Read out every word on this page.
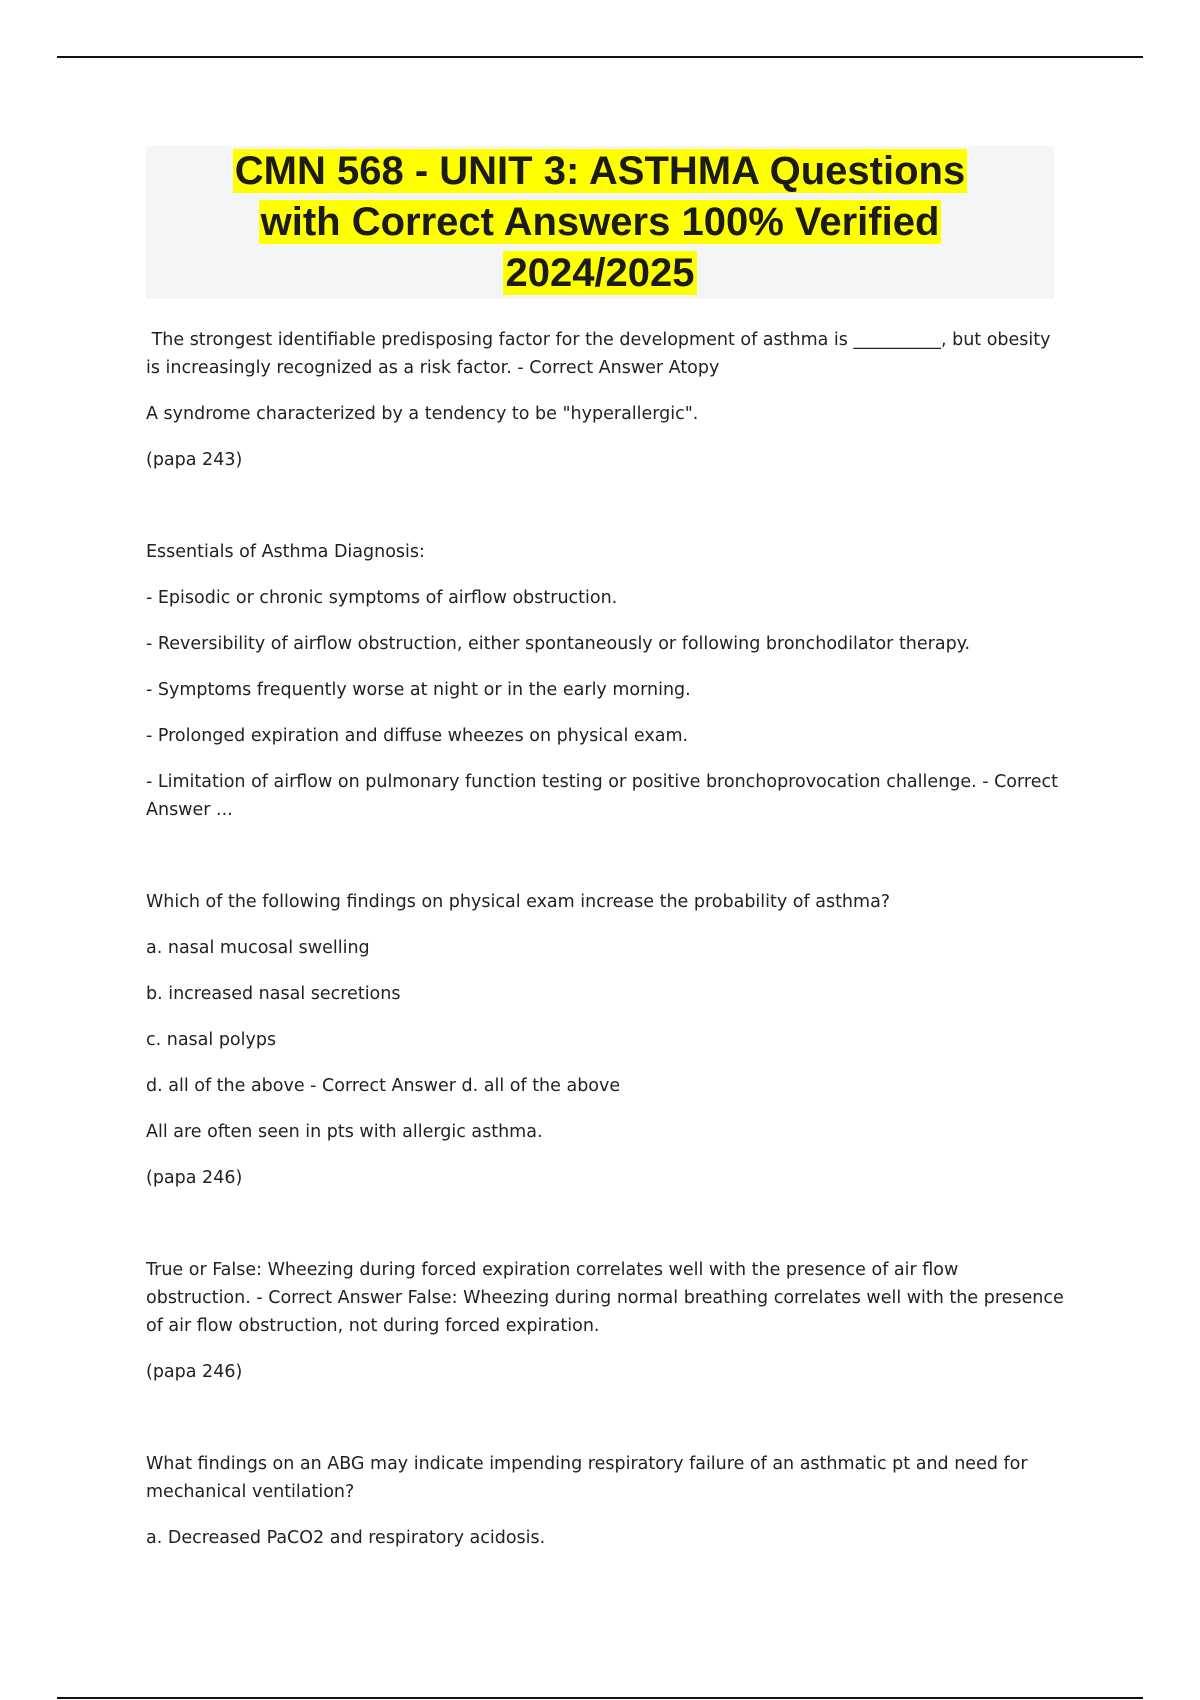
CMN 568 - UNIT 3: ASTHMA Questions
with Correct Answers 100% Verified
2024/2025

The strongest identifiable predisposing factor for the development of asthma is __________, but obesity is increasingly recognized as a risk factor. - Correct Answer Atopy

A syndrome characterized by a tendency to be "hyperallergic".

(papa 243)

Essentials of Asthma Diagnosis:

- Episodic or chronic symptoms of airflow obstruction.

- Reversibility of airflow obstruction, either spontaneously or following bronchodilator therapy.

- Symptoms frequently worse at night or in the early morning.

- Prolonged expiration and diffuse wheezes on physical exam.

- Limitation of airflow on pulmonary function testing or positive bronchoprovocation challenge. - Correct Answer ...

Which of the following findings on physical exam increase the probability of asthma?

a. nasal mucosal swelling

b. increased nasal secretions

c. nasal polyps

d. all of the above - Correct Answer d. all of the above

All are often seen in pts with allergic asthma.

(papa 246)

True or False: Wheezing during forced expiration correlates well with the presence of air flow obstruction. - Correct Answer False: Wheezing during normal breathing correlates well with the presence of air flow obstruction, not during forced expiration.

(papa 246)

What findings on an ABG may indicate impending respiratory failure of an asthmatic pt and need for mechanical ventilation?

a. Decreased PaCO2 and respiratory acidosis.
